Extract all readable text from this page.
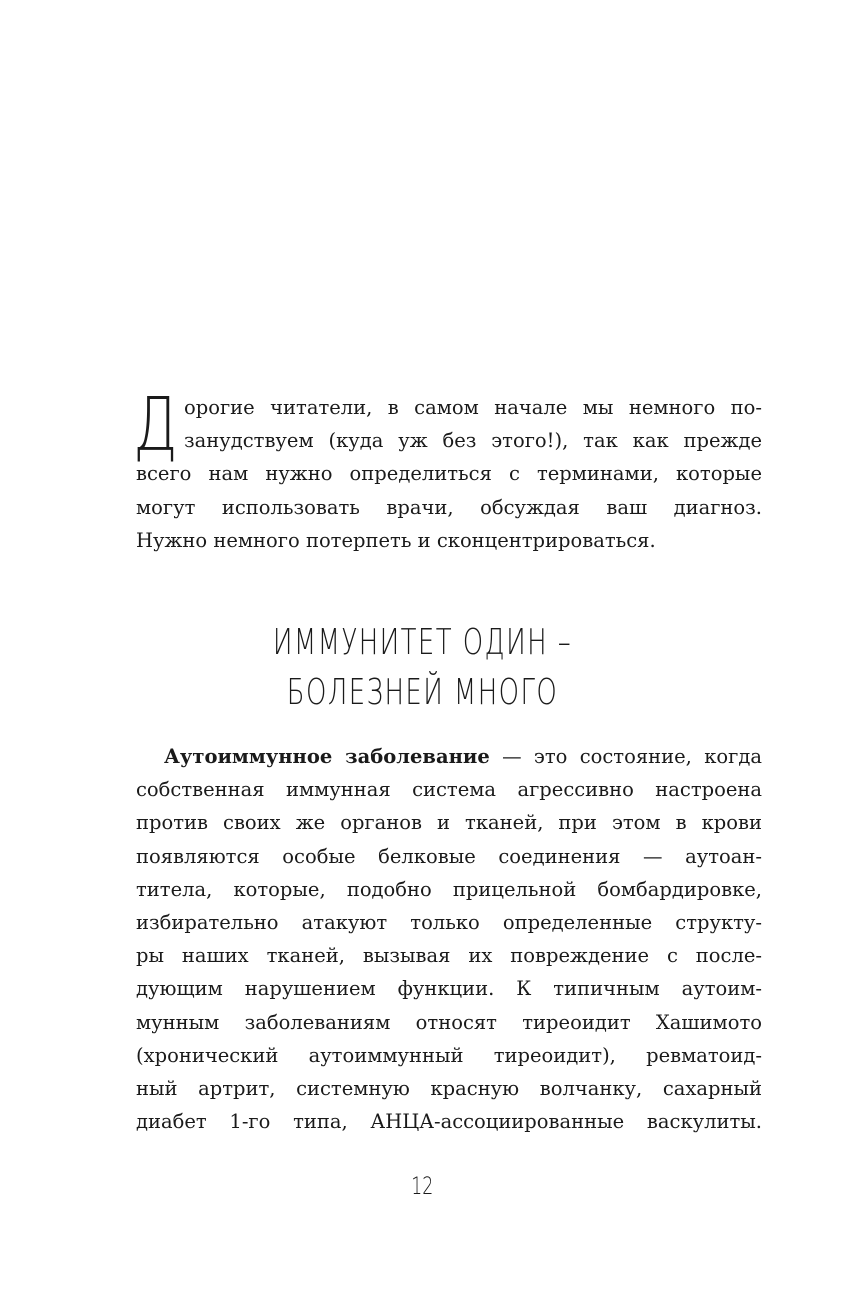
Д орогие читатели, в самом начале мы немного по-
занудствуем (куда уж без этого!), так как прежде
всего нам нужно определиться с терминами, которые
могут использовать врачи, обсуждая ваш диагноз.
Нужно немного потерпеть и сконцентрироваться.
ИММУНИТЕТ ОДИН –
БОЛЕЗНЕЙ МНОГО
Аутоиммунное заболевание — это состояние, когда
собственная иммунная система агрессивно настроена
против своих же органов и тканей, при этом в крови
появляются особые белковые соединения — аутоан-
титела, которые, подобно прицельной бомбардировке,
избирательно атакуют только определенные структу-
ры наших тканей, вызывая их повреждение с после-
дующим нарушением функции. К типичным аутоим-
мунным заболеваниям относят тиреоидит Хашимото
(хронический аутоиммунный тиреоидит), ревматоид-
ный артрит, системную красную волчанку, сахарный
диабет 1-го типа, АНЦА-ассоциированные васкулиты.
12
